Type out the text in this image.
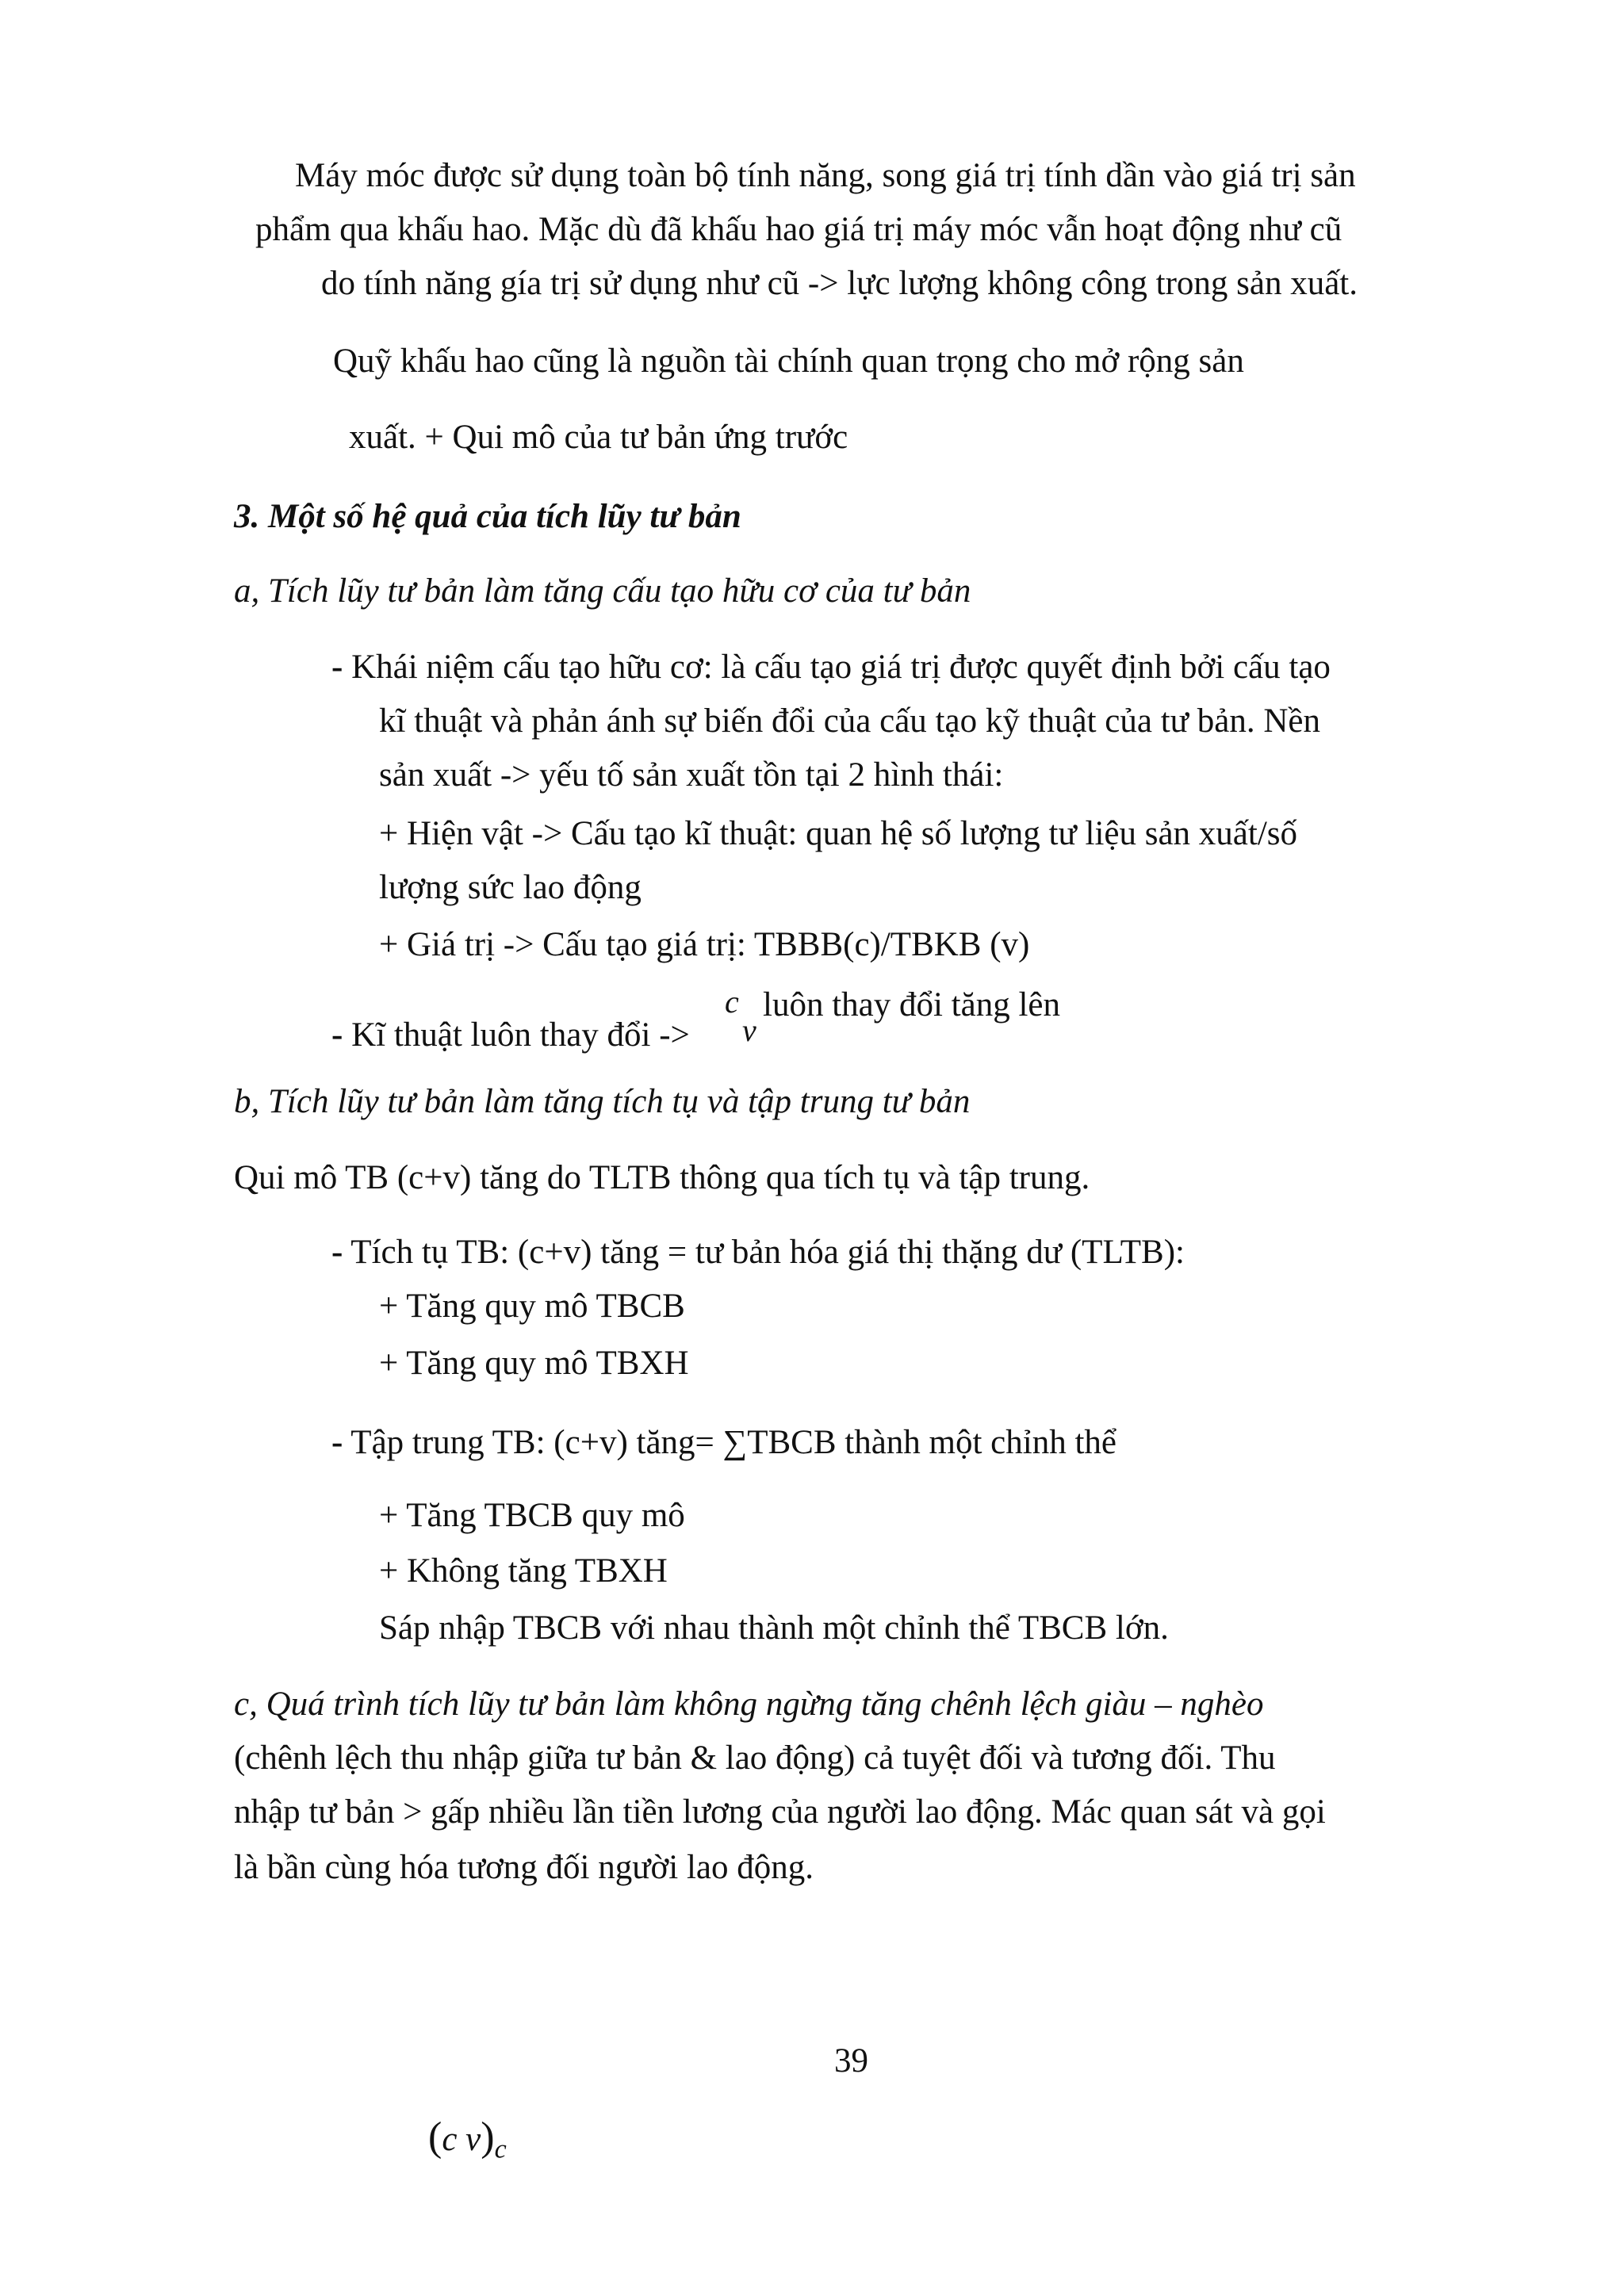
Máy móc được sử dụng toàn bộ tính năng, song giá trị tính dần vào giá trị sản
phẩm qua khấu hao. Mặc dù đã khấu hao giá trị máy móc vẫn hoạt động như cũ
do tính năng gía trị sử dụng như cũ -> lực lượng không công trong sản xuất.
Quỹ khấu hao cũng là nguồn tài chính quan trọng cho mở rộng sản
xuất. + Qui mô của tư bản ứng trước
3. Một số hệ quả của tích lũy tư bản
a, Tích lũy tư bản làm tăng cấu tạo hữu cơ của tư bản
- Khái niệm cấu tạo hữu cơ: là cấu tạo giá trị được quyết định bởi cấu tạo
kĩ thuật và phản ánh sự biến đổi của cấu tạo kỹ thuật của tư bản. Nền
sản xuất -> yếu tố sản xuất tồn tại 2 hình thái:
+ Hiện vật -> Cấu tạo kĩ thuật: quan hệ số lượng tư liệu sản xuất/số
lượng sức lao động
+ Giá trị -> Cấu tạo giá trị: TBBB(c)/TBKB (v)
- Kĩ thuật luôn thay đổi ->
c
v
luôn thay đổi tăng lên
b, Tích lũy tư bản làm tăng tích tụ và tập trung tư bản
Qui mô TB (c+v) tăng do TLTB thông qua tích tụ và tập trung.
- Tích tụ TB: (c+v) tăng = tư bản hóa giá thị thặng dư (TLTB):
+ Tăng quy mô TBCB
+ Tăng quy mô TBXH
- Tập trung TB: (c+v) tăng= ∑TBCB thành một chỉnh thể
+ Tăng TBCB quy mô
+ Không tăng TBXH
Sáp nhập TBCB với nhau thành một chỉnh thể TBCB lớn.
c, Quá trình tích lũy tư bản làm không ngừng tăng chênh lệch giàu – nghèo
(chênh lệch thu nhập giữa tư bản & lao động) cả tuyệt đối và tương đối. Thu
nhập tư bản > gấp nhiều lần tiền lương của người lao động. Mác quan sát và gọi
là bần cùng hóa tương đối người lao động.
39
(c $v)_c$
